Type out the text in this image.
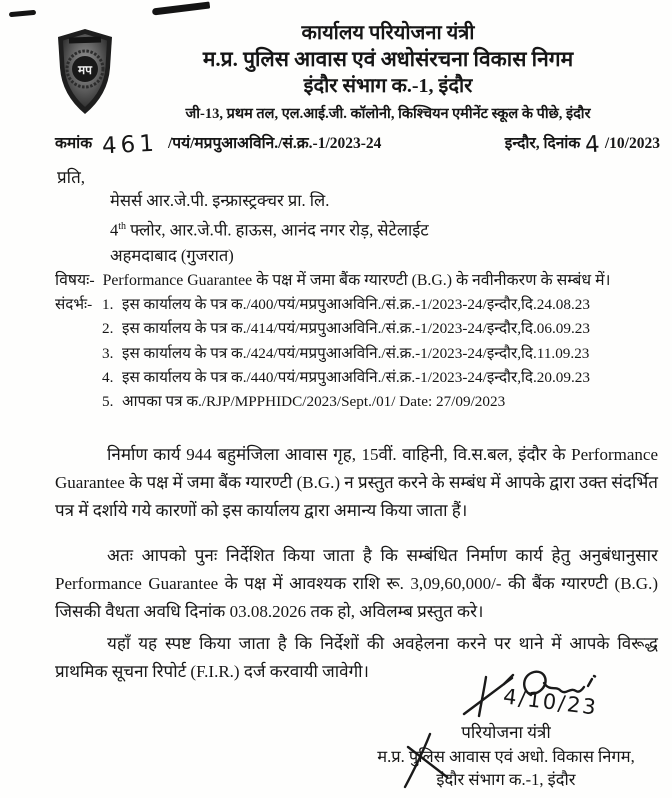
मप
कार्यालय परियोजना यंत्री
म.प्र. पुलिस आवास एवं अधोसंरचना विकास निगम
इंदौर संभाग क.-1, इंदौर
जी-13, प्रथम तल, एल.आई.जी. कॉलोनी, किश्चियन एमीनेंट स्कूल के पीछे, इंदौर
कमांक 461 /पयं/मप्रपुआअविनि./सं.क्र.-1/2023-24	इन्दौर, दिनांक 4 /10/2023
प्रति,
मेसर्स आर.जे.पी. इन्फ्रास्ट्रक्चर प्रा. लि.
4th फ्लोर, आर.जे.पी. हाऊस, आनंद नगर रोड़, सेटेलाईट
अहमदाबाद (गुजरात)
विषयः- Performance Guarantee के पक्ष में जमा बैंक ग्यारण्टी (B.G.) के नवीनीकरण के सम्बंध में।
संदर्भः- 1. इस कार्यालय के पत्र क./400/पयं/मप्रपुआअविनि./सं.क्र.-1/2023-24/इन्दौर,दि.24.08.23
2. इस कार्यालय के पत्र क./414/पयं/मप्रपुआअविनि./सं.क्र.-1/2023-24/इन्दौर,दि.06.09.23
3. इस कार्यालय के पत्र क./424/पयं/मप्रपुआअविनि./सं.क्र.-1/2023-24/इन्दौर,दि.11.09.23
4. इस कार्यालय के पत्र क./440/पयं/मप्रपुआअविनि./सं.क्र.-1/2023-24/इन्दौर,दि.20.09.23
5. आपका पत्र क./RJP/MPPHIDC/2023/Sept./01/ Date: 27/09/2023

निर्माण कार्य 944 बहुमंजिला आवास गृह, 15वीं. वाहिनी, वि.स.बल, इंदौर के Performance Guarantee के पक्ष में जमा बैंक ग्यारण्टी (B.G.) न प्रस्तुत करने के सम्बंध में आपके द्वारा उक्त संदर्भित पत्र में दर्शाये गये कारणों को इस कार्यालय द्वारा अमान्य किया जाता हैं।

अतः आपको पुनः निर्देशित किया जाता है कि सम्बंधित निर्माण कार्य हेतु अनुबंधानुसार Performance Guarantee के पक्ष में आवश्यक राशि रू. 3,09,60,000/- की बैंक ग्यारण्टी (B.G.) जिसकी वैधता अवधि दिनांक 03.08.2026 तक हो, अविलम्ब प्रस्तुत करे।

यहाँ यह स्पष्ट किया जाता है कि निर्देशों की अवहेलना करने पर थाने में आपके विरूद्ध प्राथमिक सूचना रिपोर्ट (F.I.R.) दर्ज करवायी जावेगी।

4/10/23
परियोजना यंत्री
म.प्र. पुलिस आवास एवं अधो. विकास निगम,
इंदौर संभाग क.-1, इंदौर
